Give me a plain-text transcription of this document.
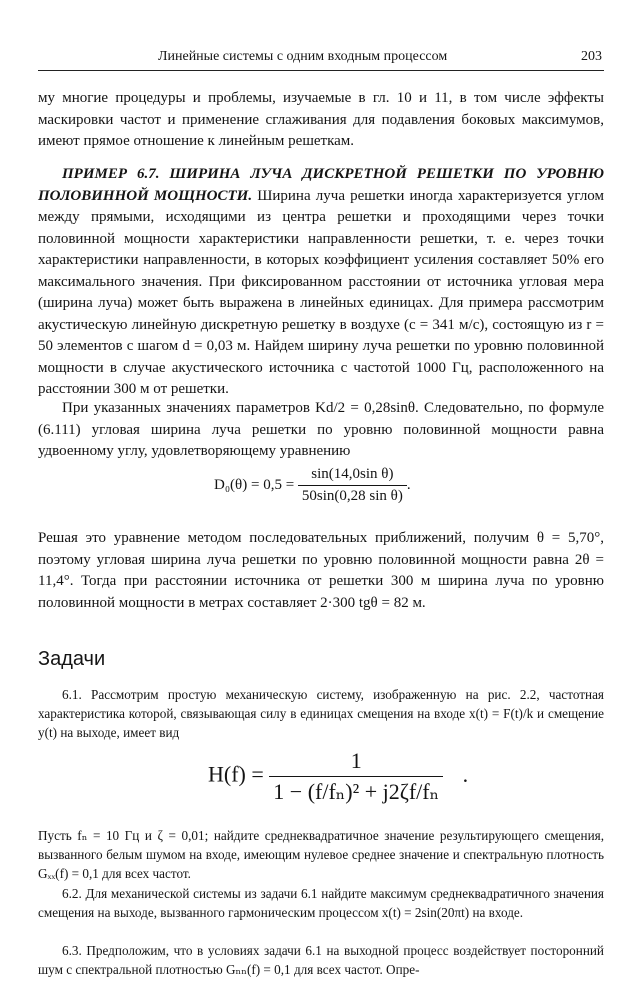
Линейные системы с одним входным процессом	203

му многие процедуры и проблемы, изучаемые в гл. 10 и 11, в том числе эффекты маскировки частот и применение сглаживания для подавления боковых максимумов, имеют прямое отношение к линейным решеткам.

ПРИМЕР 6.7. ШИРИНА ЛУЧА ДИСКРЕТНОЙ РЕШЕТКИ ПО УРОВНЮ ПОЛОВИННОЙ МОЩНОСТИ. Ширина луча решетки иногда характеризуется углом между прямыми, исходящими из центра решетки и проходящими через точки половинной мощности характеристики направленности решетки, т. е. через точки характеристики направленности, в которых коэффициент усиления составляет 50% его максимального значения. При фиксированном расстоянии от источника угловая мера (ширина луча) может быть выражена в линейных единицах. Для примера рассмотрим акустическую линейную дискретную решетку в воздухе (c = 341 м/с), состоящую из r = 50 элементов с шагом d = 0,03 м. Найдем ширину луча решетки по уровню половинной мощности в случае акустического источника с частотой 1000 Гц, расположенного на расстоянии 300 м от решетки.

При указанных значениях параметров Kd/2 = 0,28sinθ. Следовательно, по формуле (6.111) угловая ширина луча решетки по уровню половинной мощности равна удвоенному углу, удовлетворяющему уравнению

$D_0(\theta) = 0,5 = \frac{\text{sin(14,0sin θ)}}{\text{50sin(0,28 sin θ)}}$ .

Решая это уравнение методом последовательных приближений, получим θ = 5,70°, поэтому угловая ширина луча решетки по уровню половинной мощности равна 2θ = 11,4°. Тогда при расстоянии источника от решетки 300 м ширина луча по уровню половинной мощности в метрах составляет 2·300 tgθ = 82 м.

Задачи

6.1. Рассмотрим простую механическую систему, изображенную на рис. 2.2, частотная характеристика которой, связывающая силу в единицах смещения на входе x(t) = F(t)/k и смещение y(t) на выходе, имеет вид

$H(f) = \frac{1}{\text{1 − (f/fₙ)² + j2ζf/fₙ}}$ .

Пусть fₙ = 10 Гц и ζ = 0,01; найдите среднеквадратичное значение результирующего смещения, вызванного белым шумом на входе, имеющим нулевое среднее значение и спектральную плотность Gₓₓ(f) = 0,1 для всех частот.

6.2. Для механической системы из задачи 6.1 найдите максимум среднеквадратичного значения смещения на выходе, вызванного гармоническим процессом x(t) = 2sin(20πt) на входе.

6.3. Предположим, что в условиях задачи 6.1 на выходной процесс воздействует посторонний шум с спектральной плотностью Gₙₙ(f) = 0,1 для всех частот. Опре-
